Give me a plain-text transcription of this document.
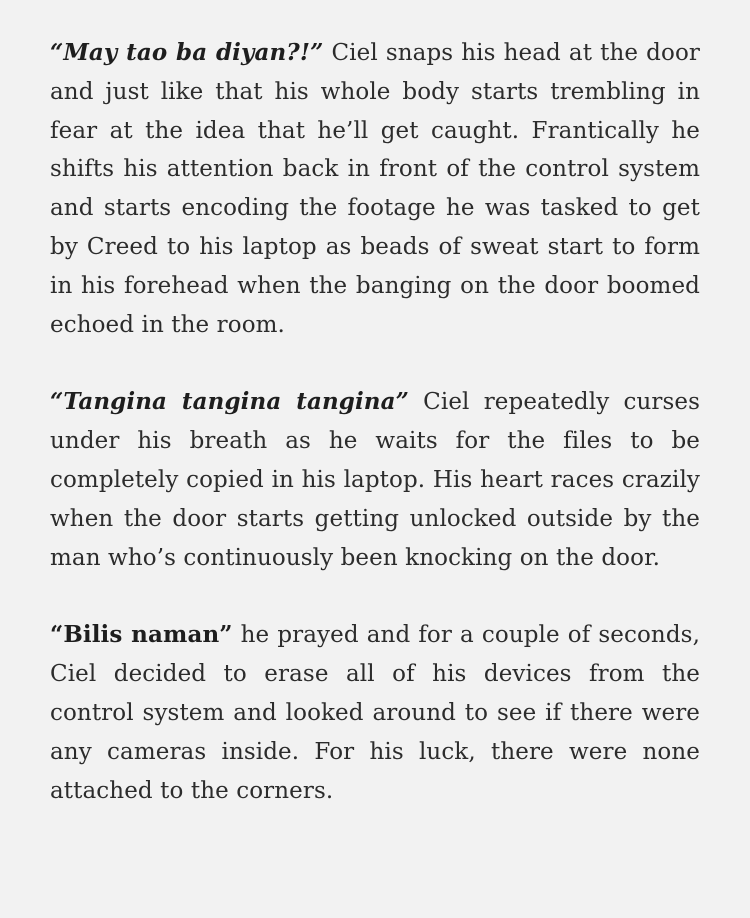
“May tao ba diyan?!” Ciel snaps his head at the door and just like that his whole body starts trembling in fear at the idea that he’ll get caught. Frantically he shifts his attention back in front of the control system and starts encoding the footage he was tasked to get by Creed to his laptop as beads of sweat start to form in his forehead when the banging on the door boomed echoed in the room.

“Tangina tangina tangina” Ciel repeatedly curses under his breath as he waits for the files to be completely copied in his laptop. His heart races crazily when the door starts getting unlocked outside by the man who’s continuously been knocking on the door.

“Bilis naman” he prayed and for a couple of seconds, Ciel decided to erase all of his devices from the control system and looked around to see if there were any cameras inside. For his luck, there were none attached to the corners.
